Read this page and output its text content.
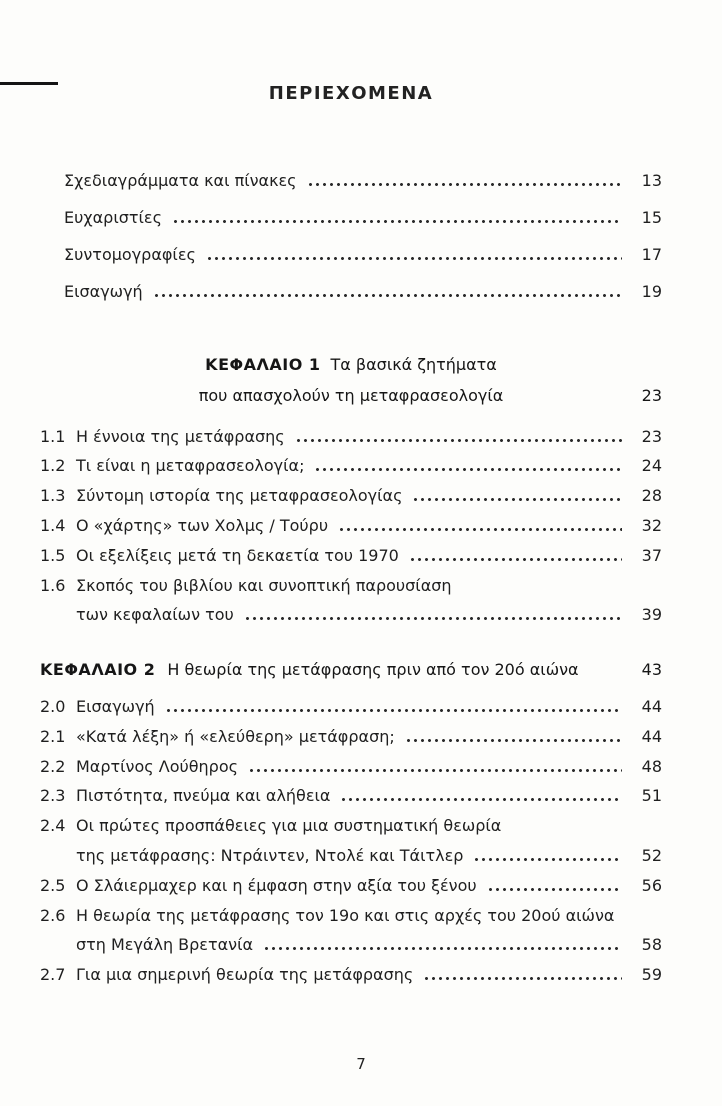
ΠΕΡΙΕΧΟΜΕΝΑ
Σχεδιαγράμματα και πίνακες	13
Ευχαριστίες	15
Συντομογραφίες	17
Εισαγωγή	19
ΚΕΦΑΛΑΙΟ 1 Τα βασικά ζητήματα
που απασχολούν τη μεταφρασεολογία	23
1.1 Η έννοια της μετάφρασης	23
1.2 Τι είναι η μεταφρασεολογία;	24
1.3 Σύντομη ιστορία της μεταφρασεολογίας	28
1.4 Ο «χάρτης» των Χολμς / Τούρυ	32
1.5 Οι εξελίξεις μετά τη δεκαετία του 1970	37
1.6 Σκοπός του βιβλίου και συνοπτική παρουσίαση
των κεφαλαίων του	39
ΚΕΦΑΛΑΙΟ 2 Η θεωρία της μετάφρασης πριν από τον 20ό αιώνα	43
2.0 Εισαγωγή	44
2.1 «Κατά λέξη» ή «ελεύθερη» μετάφραση;	44
2.2 Μαρτίνος Λούθηρος	48
2.3 Πιστότητα, πνεύμα και αλήθεια	51
2.4 Οι πρώτες προσπάθειες για μια συστηματική θεωρία
της μετάφρασης: Ντράιντεν, Ντολέ και Τάιτλερ	52
2.5 Ο Σλάιερμαχερ και η έμφαση στην αξία του ξένου	56
2.6 Η θεωρία της μετάφρασης τον 19ο και στις αρχές του 20ού αιώνα
στη Μεγάλη Βρετανία	58
2.7 Για μια σημερινή θεωρία της μετάφρασης	59
7
